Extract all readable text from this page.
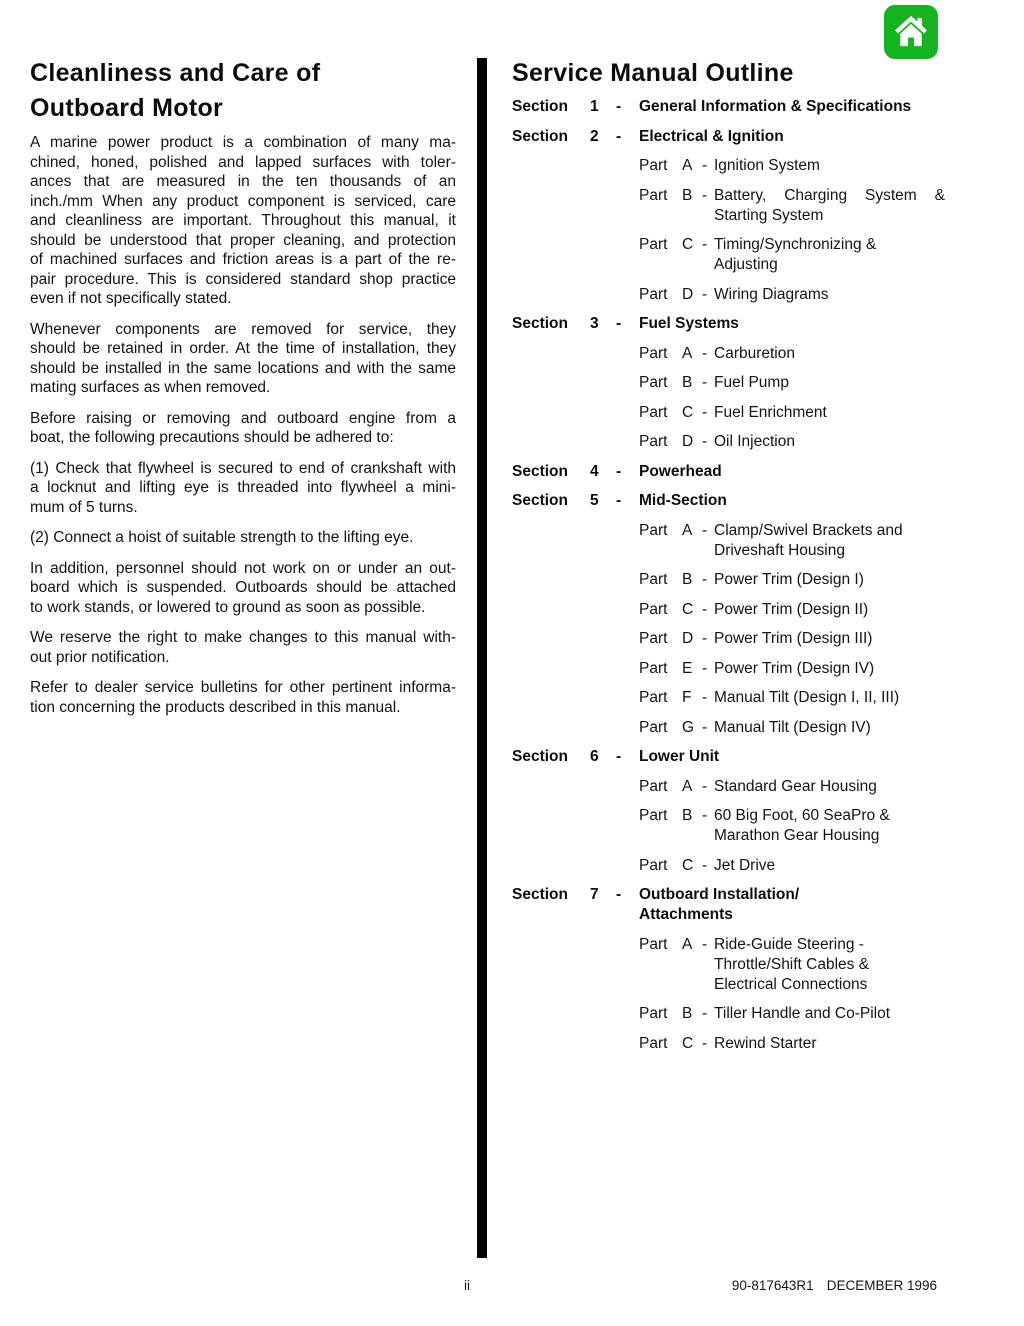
Cleanliness and Care of
Outboard Motor

A marine power product is a combination of many ma-
chined, honed, polished and lapped surfaces with toler-
ances that are measured in the ten thousands of an
inch./mm When any product component is serviced, care
and cleanliness are important. Throughout this manual, it
should be understood that proper cleaning, and protection
of machined surfaces and friction areas is a part of the re-
pair procedure. This is considered standard shop practice
even if not specifically stated.

Whenever components are removed for service, they
should be retained in order. At the time of installation, they
should be installed in the same locations and with the same
mating surfaces as when removed.

Before raising or removing and outboard engine from a
boat, the following precautions should be adhered to:

(1) Check that flywheel is secured to end of crankshaft with
a locknut and lifting eye is threaded into flywheel a mini-
mum of 5 turns.

(2) Connect a hoist of suitable strength to the lifting eye.

In addition, personnel should not work on or under an out-
board which is suspended. Outboards should be attached
to work stands, or lowered to ground as soon as possible.

We reserve the right to make changes to this manual with-
out prior notification.

Refer to dealer service bulletins for other pertinent informa-
tion concerning the products described in this manual.

Service Manual Outline
Section	1	-	General Information & Specifications
Section	2	-	Electrical & Ignition
Part A - Ignition System
Part B - Battery, Charging System &
Starting System
Part C - Timing/Synchronizing &
Adjusting
Part D - Wiring Diagrams
Section	3	-	Fuel Systems
Part A - Carburetion
Part B - Fuel Pump
Part C - Fuel Enrichment
Part D - Oil Injection
Section	4	-	Powerhead
Section	5	-	Mid-Section
Part A - Clamp/Swivel Brackets and
Driveshaft Housing
Part B - Power Trim (Design I)
Part C - Power Trim (Design II)
Part D - Power Trim (Design III)
Part E - Power Trim (Design IV)
Part F - Manual Tilt (Design I, II, III)
Part G - Manual Tilt (Design IV)
Section	6	-	Lower Unit
Part A - Standard Gear Housing
Part B - 60 Big Foot, 60 SeaPro &
Marathon Gear Housing
Part C - Jet Drive
Section	7	-	Outboard Installation/
Attachments
Part A - Ride-Guide Steering -
Throttle/Shift Cables &
Electrical Connections
Part B - Tiller Handle and Co-Pilot
Part C - Rewind Starter
ii	90-817643R1 DECEMBER 1996
